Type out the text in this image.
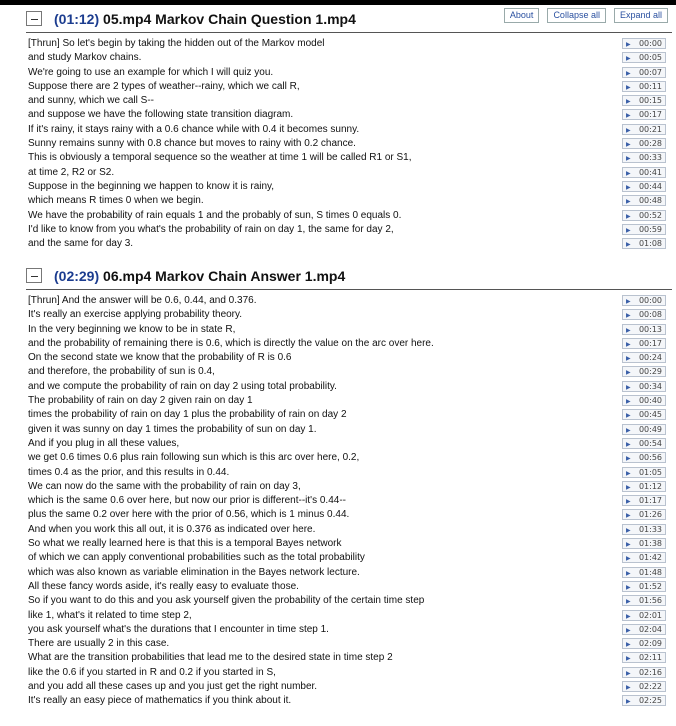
About	Collapse all	Expand all
(01:12) 05.mp4 Markov Chain Question 1.mp4
[Thrun] So let's begin by taking the hidden out of the Markov model	▶ 00:00
and study Markov chains.	▶ 00:05
We're going to use an example for which I will quiz you.	▶ 00:07
Suppose there are 2 types of weather--rainy, which we call R,	▶ 00:11
and sunny, which we call S--	▶ 00:15
and suppose we have the following state transition diagram.	▶ 00:17
If it's rainy, it stays rainy with a 0.6 chance while with 0.4 it becomes sunny.	▶ 00:21
Sunny remains sunny with 0.8 chance but moves to rainy with 0.2 chance.	▶ 00:28
This is obviously a temporal sequence so the weather at time 1 will be called R1 or S1,	▶ 00:33
at time 2, R2 or S2.	▶ 00:41
Suppose in the beginning we happen to know it is rainy,	▶ 00:44
which means R times 0 when we begin.	▶ 00:48
We have the probability of rain equals 1 and the probably of sun, S times 0 equals 0.	▶ 00:52
I'd like to know from you what's the probability of rain on day 1, the same for day 2,	▶ 00:59
and the same for day 3.	▶ 01:08
(02:29) 06.mp4 Markov Chain Answer 1.mp4
[Thrun] And the answer will be 0.6, 0.44, and 0.376.	▶ 00:00
It's really an exercise applying probability theory.	▶ 00:08
In the very beginning we know to be in state R,	▶ 00:13
and the probability of remaining there is 0.6, which is directly the value on the arc over here.	▶ 00:17
On the second state we know that the probability of R is 0.6	▶ 00:24
and therefore, the probability of sun is 0.4,	▶ 00:29
and we compute the probability of rain on day 2 using total probability.	▶ 00:34
The probability of rain on day 2 given rain on day 1	▶ 00:40
times the probability of rain on day 1 plus the probability of rain on day 2	▶ 00:45
given it was sunny on day 1 times the probability of sun on day 1.	▶ 00:49
And if you plug in all these values,	▶ 00:54
we get 0.6 times 0.6 plus rain following sun which is this arc over here, 0.2,	▶ 00:56
times 0.4 as the prior, and this results in 0.44.	▶ 01:05
We can now do the same with the probability of rain on day 3,	▶ 01:12
which is the same 0.6 over here, but now our prior is different--it's 0.44--	▶ 01:17
plus the same 0.2 over here with the prior of 0.56, which is 1 minus 0.44.	▶ 01:26
And when you work this all out, it is 0.376 as indicated over here.	▶ 01:33
So what we really learned here is that this is a temporal Bayes network	▶ 01:38
of which we can apply conventional probabilities such as the total probability	▶ 01:42
which was also known as variable elimination in the Bayes network lecture.	▶ 01:48
All these fancy words aside, it's really easy to evaluate those.	▶ 01:52
So if you want to do this and you ask yourself given the probability of the certain time step	▶ 01:56
like 1, what's it related to time step 2,	▶ 02:01
you ask yourself what's the durations that I encounter in time step 1.	▶ 02:04
There are usually 2 in this case.	▶ 02:09
What are the transition probabilities that lead me to the desired state in time step 2	▶ 02:11
like the 0.6 if you started in R and 0.2 if you started in S,	▶ 02:16
and you add all these cases up and you just get the right number.	▶ 02:22
It's really an easy piece of mathematics if you think about it.	▶ 02:25
